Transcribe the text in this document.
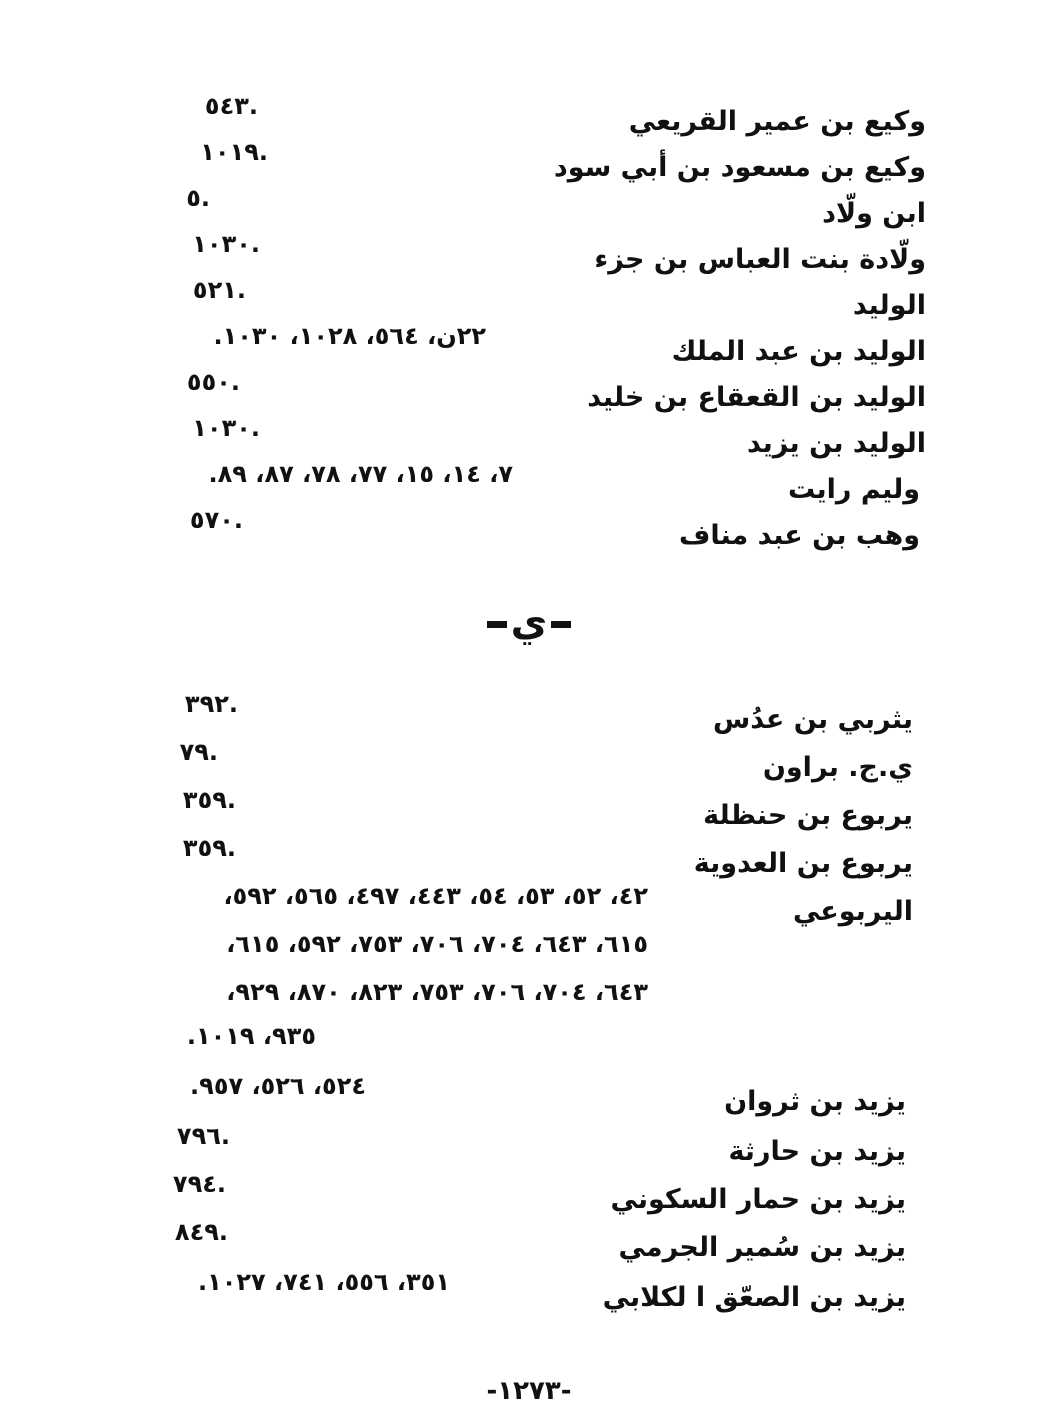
وكيع بن عمير القريعي
.٥٤٣
وكيع بن مسعود بن أبي سود
.١٠١٩
ابن ولّاد
.٥
ولّادة بنت العباس بن جزء
.١٠٣٠
الوليد
.٥٢١
الوليد بن عبد الملك
٢٢ن، ٥٦٤، ١٠٢٨، ١٠٣٠.
الوليد بن القعقاع بن خليد
.٥٥٠
الوليد بن يزيد
.١٠٣٠
وليم رايت
٧، ١٤، ١٥، ٧٧، ٧٨، ٨٧، ٨٩.
وهب بن عبد مناف
.٥٧٠
ي
يثربي بن عدُس
.٣٩٢
ي.ج. براون
.٧٩
يربوع بن حنظلة
.٣٥٩
يربوع بن العدوية
.٣٥٩
اليربوعي
٤٢، ٥٢، ٥٣، ٥٤، ٤٤٣، ٤٩٧، ٥٦٥، ٥٩٢،
٦١٥، ٦٤٣، ٧٠٤، ٧٠٦، ٧٥٣، ٥٩٢، ٦١٥،
٦٤٣، ٧٠٤، ٧٠٦، ٧٥٣، ٨٢٣، ٨٧٠، ٩٢٩،
٩٣٥، ١٠١٩.
يزيد بن ثروان
٥٢٤، ٥٢٦، ٩٥٧.
يزيد بن حارثة
.٧٩٦
يزيد بن حمار السكوني
.٧٩٤
يزيد بن سُمير الجرمي
.٨٤٩
يزيد بن الصعّق ا لكلابي
٣٥١، ٥٥٦، ٧٤١، ١٠٢٧.
-١٢٧٣-
